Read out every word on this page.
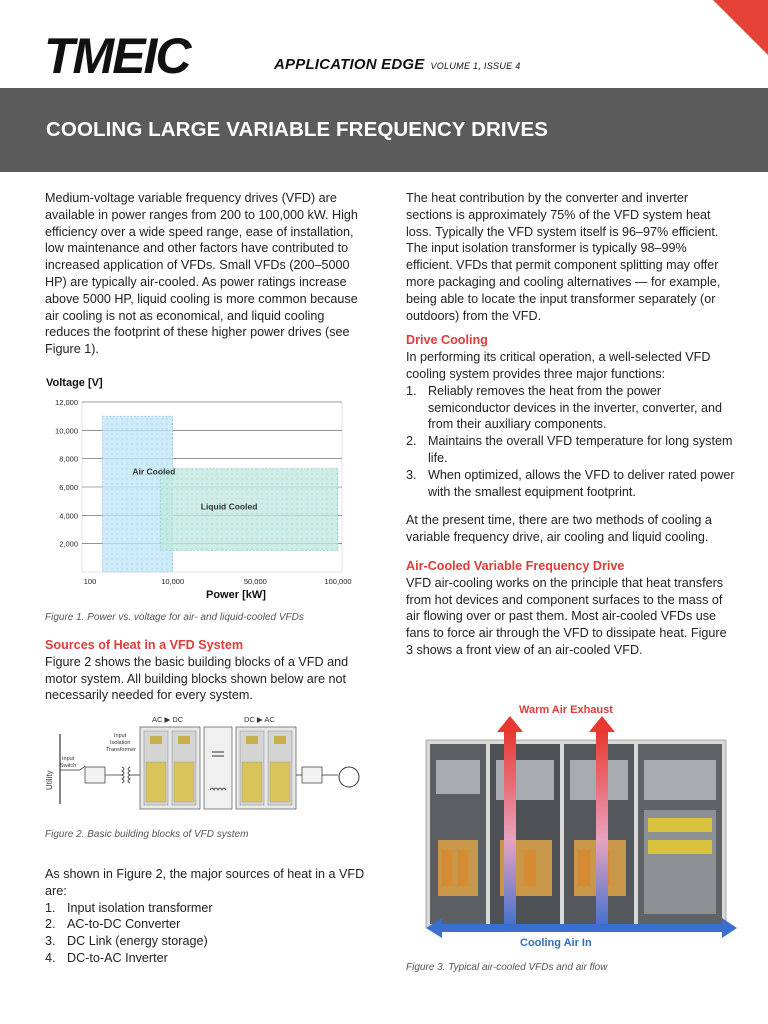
TMEIC	APPLICATION EDGE VOLUME 1, ISSUE 4
COOLING LARGE VARIABLE FREQUENCY DRIVES

Medium-voltage variable frequency drives (VFD) are available in power ranges from 200 to 100,000 kW. High efficiency over a wide speed range, ease of installation, low maintenance and other factors have contributed to increased application of VFDs. Small VFDs (200–5000 HP) are typically air-cooled. As power ratings increase above 5000 HP, liquid cooling is more common because air cooling is not as economical, and liquid cooling reduces the footprint of these higher power drives (see Figure 1).

Voltage [V]
2,000
4,000
6,000
8,000
10,000
12,000
Air Cooled
Liquid Cooled
100	10,000	50,000	100,000
Power [kW]
Figure 1. Power vs. voltage for air- and liquid-cooled VFDs
Sources of Heat in a VFD System

Figure 2 shows the basic building blocks of a VFD and motor system. All building blocks shown below are not necessarily needed for every system.

AC ▶ DC	DC ▶ AC
Utility
Input
Switch
Input
Isolation
Transformer
Figure 2. Basic building blocks of VFD system

As shown in Figure 2, the major sources of heat in a VFD are:

1. Input isolation transformer
2. AC-to-DC Converter
3. DC Link (energy storage)
4. DC-to-AC Inverter

The heat contribution by the converter and inverter sections is approximately 75% of the VFD system heat loss. Typically the VFD system itself is 96–97% efficient. The input isolation transformer is typically 98–99% efficient. VFDs that permit component splitting may offer more packaging and cooling alternatives — for example, being able to locate the input transformer separately (or outdoors) from the VFD.

Drive Cooling

In performing its critical operation, a well-selected VFD cooling system provides three major functions:

1. Reliably removes the heat from the power semiconductor devices in the inverter, converter, and from their auxiliary components.
2. Maintains the overall VFD temperature for long system life.
3. When optimized, allows the VFD to deliver rated power with the smallest equipment footprint.

At the present time, there are two methods of cooling a variable frequency drive, air cooling and liquid cooling.

Air-Cooled Variable Frequency Drive

VFD air-cooling works on the principle that heat transfers from hot devices and component surfaces to the mass of air flowing over or past them. Most air-cooled VFDs use fans to force air through the VFD to dissipate heat. Figure 3 shows a front view of an air-cooled VFD.

Warm Air Exhaust
Cooling Air In
Figure 3. Typical air-cooled VFDs and air flow
